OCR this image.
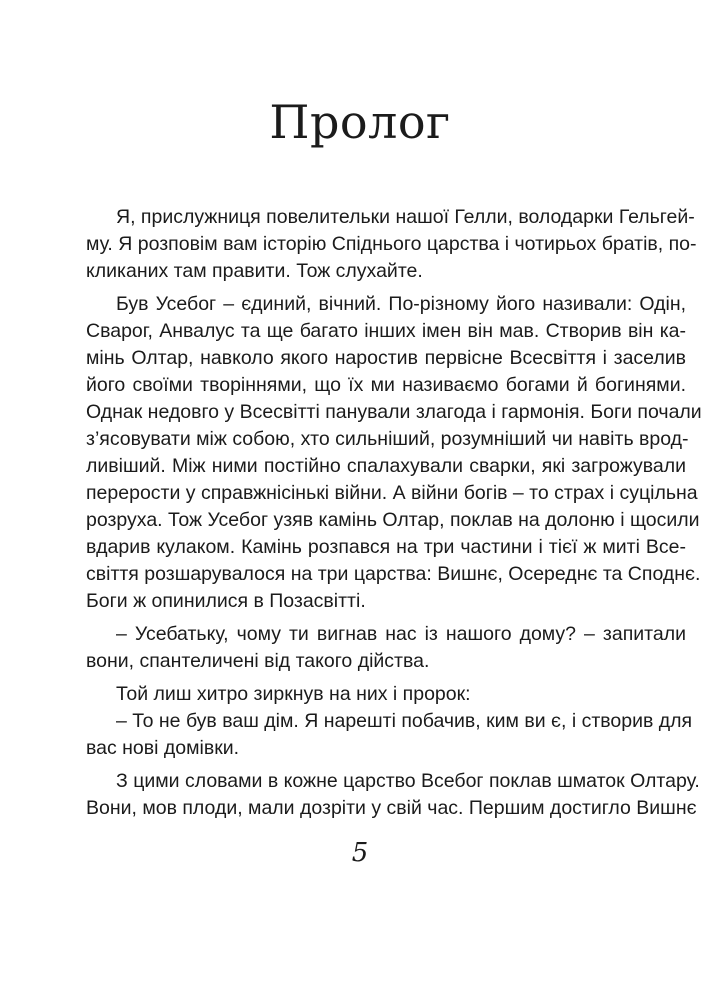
Пролог
Я, прислужниця повелительки нашої Гелли, володарки Гельгей-
му. Я розповім вам історію Спіднього царства і чотирьох братів, по-
кликаних там правити. Тож слухайте.
Був Усебог – єдиний, вічний. По-різному його називали: Одін,
Сварог, Анвалус та ще багато інших імен він мав. Створив він ка-
мінь Олтар, навколо якого наростив первісне Всесвіття і заселив
його своїми творіннями, що їх ми називаємо богами й богинями.
Однак недовго у Всесвітті панували злагода і гармонія. Боги почали
з’ясовувати між собою, хто сильніший, розумніший чи навіть врод-
ливіший. Між ними постійно спалахували сварки, які загрожували
перерости у справжнісінькі війни. А війни богів – то страх і суцільна
розруха. Тож Усебог узяв камінь Олтар, поклав на долоню і щосили
вдарив кулаком. Камінь розпався на три частини і тієї ж миті Все-
свіття розшарувалося на три царства: Вишнє, Осереднє та Споднє.
Боги ж опинилися в Позасвітті.
– Усебатьку, чому ти вигнав нас із нашого дому? – запитали
вони, спантеличені від такого дійства.
Той лиш хитро зиркнув на них і пророк:
– То не був ваш дім. Я нарешті побачив, ким ви є, і створив для
вас нові домівки.
З цими словами в кожне царство Всебог поклав шматок Олтару.
Вони, мов плоди, мали дозріти у свій час. Першим достигло Вишнє
5
